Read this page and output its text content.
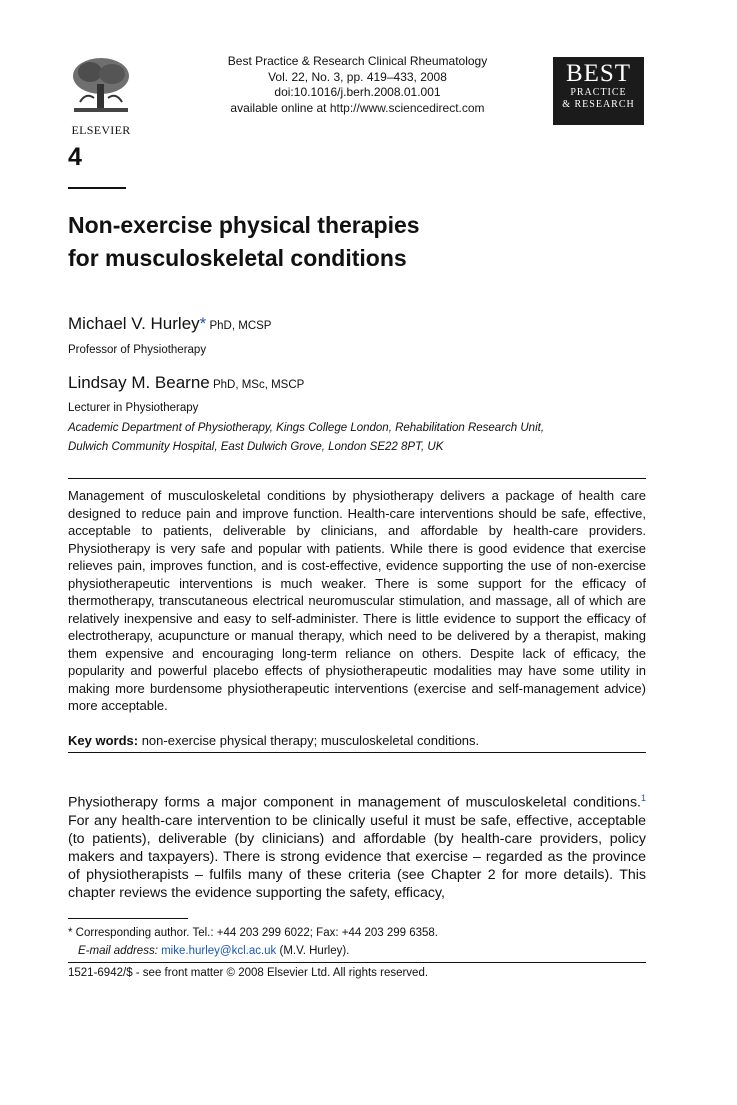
ELSEVIER
Best Practice & Research Clinical Rheumatology
Vol. 22, No. 3, pp. 419–433, 2008
doi:10.1016/j.berh.2008.01.001
available online at http://www.sciencedirect.com
BEST
PRACTICE
& RESEARCH
4
Non-exercise physical therapies
for musculoskeletal conditions
Michael V. Hurley* PhD, MCSP
Professor of Physiotherapy
Lindsay M. Bearne PhD, MSc, MSCP
Lecturer in Physiotherapy
Academic Department of Physiotherapy, Kings College London, Rehabilitation Research Unit,
Dulwich Community Hospital, East Dulwich Grove, London SE22 8PT, UK
Management of musculoskeletal conditions by physiotherapy delivers a package of health care designed to reduce pain and improve function. Health-care interventions should be safe, effective, acceptable to patients, deliverable by clinicians, and affordable by health-care providers. Physiotherapy is very safe and popular with patients. While there is good evidence that exercise relieves pain, improves function, and is cost-effective, evidence supporting the use of non-exercise physiotherapeutic interventions is much weaker. There is some support for the efficacy of thermotherapy, transcutaneous electrical neuromuscular stimulation, and massage, all of which are relatively inexpensive and easy to self-administer. There is little evidence to support the efficacy of electrotherapy, acupuncture or manual therapy, which need to be delivered by a therapist, making them expensive and encouraging long-term reliance on others. Despite lack of efficacy, the popularity and powerful placebo effects of physiotherapeutic modalities may have some utility in making more burdensome physiotherapeutic interventions (exercise and self-management advice) more acceptable.
Key words: non-exercise physical therapy; musculoskeletal conditions.
Physiotherapy forms a major component in management of musculoskeletal conditions.$^1$ For any health-care intervention to be clinically useful it must be safe, effective, acceptable (to patients), deliverable (by clinicians) and affordable (by health-care providers, policy makers and taxpayers). There is strong evidence that exercise – regarded as the province of physiotherapists – fulfils many of these criteria (see Chapter 2 for more details). This chapter reviews the evidence supporting the safety, efficacy,
* Corresponding author. Tel.: +44 203 299 6022; Fax: +44 203 299 6358.
E-mail address: mike.hurley@kcl.ac.uk (M.V. Hurley).
1521-6942/$ - see front matter © 2008 Elsevier Ltd. All rights reserved.
